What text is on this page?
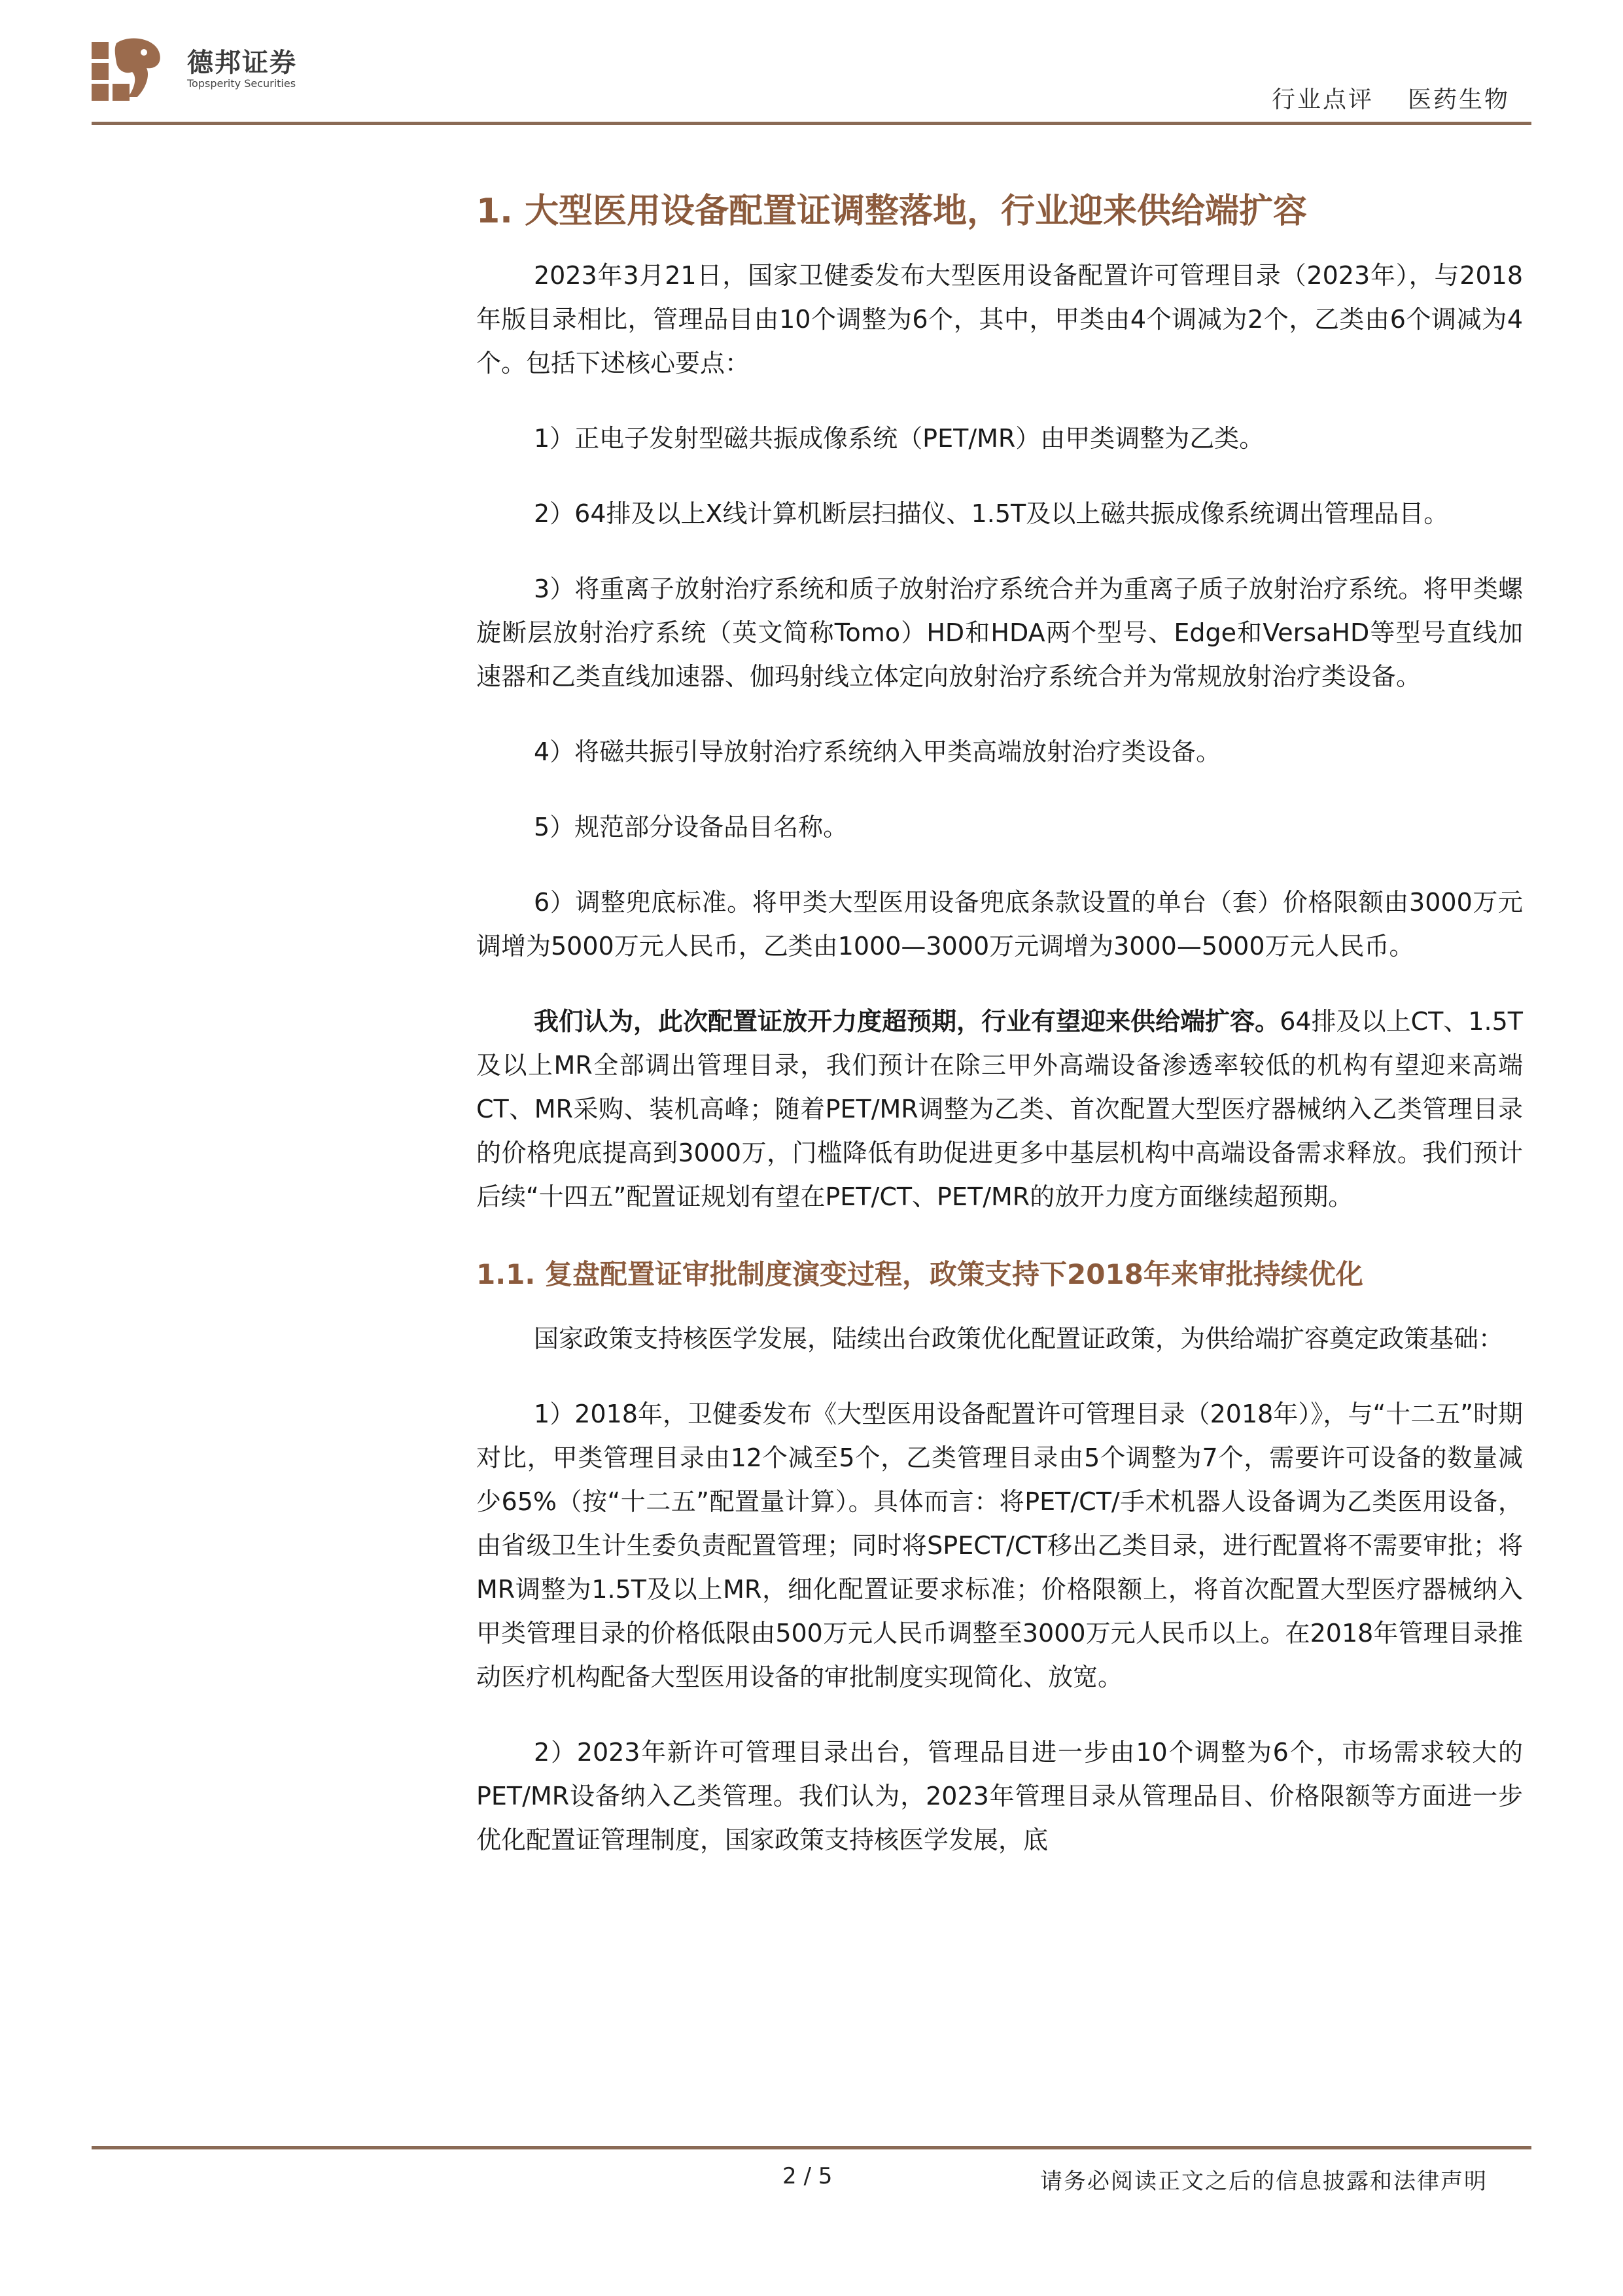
德邦证券
Topsperity Securities
行业点评 医药生物
1. 大型医用设备配置证调整落地，行业迎来供给端扩容

2023年3月21日，国家卫健委发布大型医用设备配置许可管理目录（2023年），与2018年版目录相比，管理品目由10个调整为6个，其中，甲类由4个调减为2个，乙类由6个调减为4个。包括下述核心要点：

1）正电子发射型磁共振成像系统（PET/MR）由甲类调整为乙类。

2）64排及以上X线计算机断层扫描仪、1.5T及以上磁共振成像系统调出管理品目。

3）将重离子放射治疗系统和质子放射治疗系统合并为重离子质子放射治疗系统。将甲类螺旋断层放射治疗系统（英文简称Tomo）HD和HDA两个型号、Edge和VersaHD等型号直线加速器和乙类直线加速器、伽玛射线立体定向放射治疗系统合并为常规放射治疗类设备。

4）将磁共振引导放射治疗系统纳入甲类高端放射治疗类设备。

5）规范部分设备品目名称。

6）调整兜底标准。将甲类大型医用设备兜底条款设置的单台（套）价格限额由3000万元调增为5000万元人民币，乙类由1000—3000万元调增为3000—5000万元人民币。

我们认为，此次配置证放开力度超预期，行业有望迎来供给端扩容。64排及以上CT、1.5T及以上MR全部调出管理目录，我们预计在除三甲外高端设备渗透率较低的机构有望迎来高端CT、MR采购、装机高峰；随着PET/MR调整为乙类、首次配置大型医疗器械纳入乙类管理目录的价格兜底提高到3000万，门槛降低有助促进更多中基层机构中高端设备需求释放。我们预计后续“十四五”配置证规划有望在PET/CT、PET/MR的放开力度方面继续超预期。

1.1. 复盘配置证审批制度演变过程，政策支持下2018年来审批持续优化

国家政策支持核医学发展，陆续出台政策优化配置证政策，为供给端扩容奠定政策基础：

1）2018年，卫健委发布《大型医用设备配置许可管理目录（2018年）》，与“十二五”时期对比，甲类管理目录由12个减至5个，乙类管理目录由5个调整为7个，需要许可设备的数量减少65%（按“十二五”配置量计算）。具体而言：将PET/CT/手术机器人设备调为乙类医用设备，由省级卫生计生委负责配置管理；同时将SPECT/CT移出乙类目录，进行配置将不需要审批；将MR调整为1.5T及以上MR，细化配置证要求标准；价格限额上，将首次配置大型医疗器械纳入甲类管理目录的价格低限由500万元人民币调整至3000万元人民币以上。在2018年管理目录推动医疗机构配备大型医用设备的审批制度实现简化、放宽。

2）2023年新许可管理目录出台，管理品目进一步由10个调整为6个，市场需求较大的PET/MR设备纳入乙类管理。我们认为，2023年管理目录从管理品目、价格限额等方面进一步优化配置证管理制度，国家政策支持核医学发展，底

2 / 5	请务必阅读正文之后的信息披露和法律声明
